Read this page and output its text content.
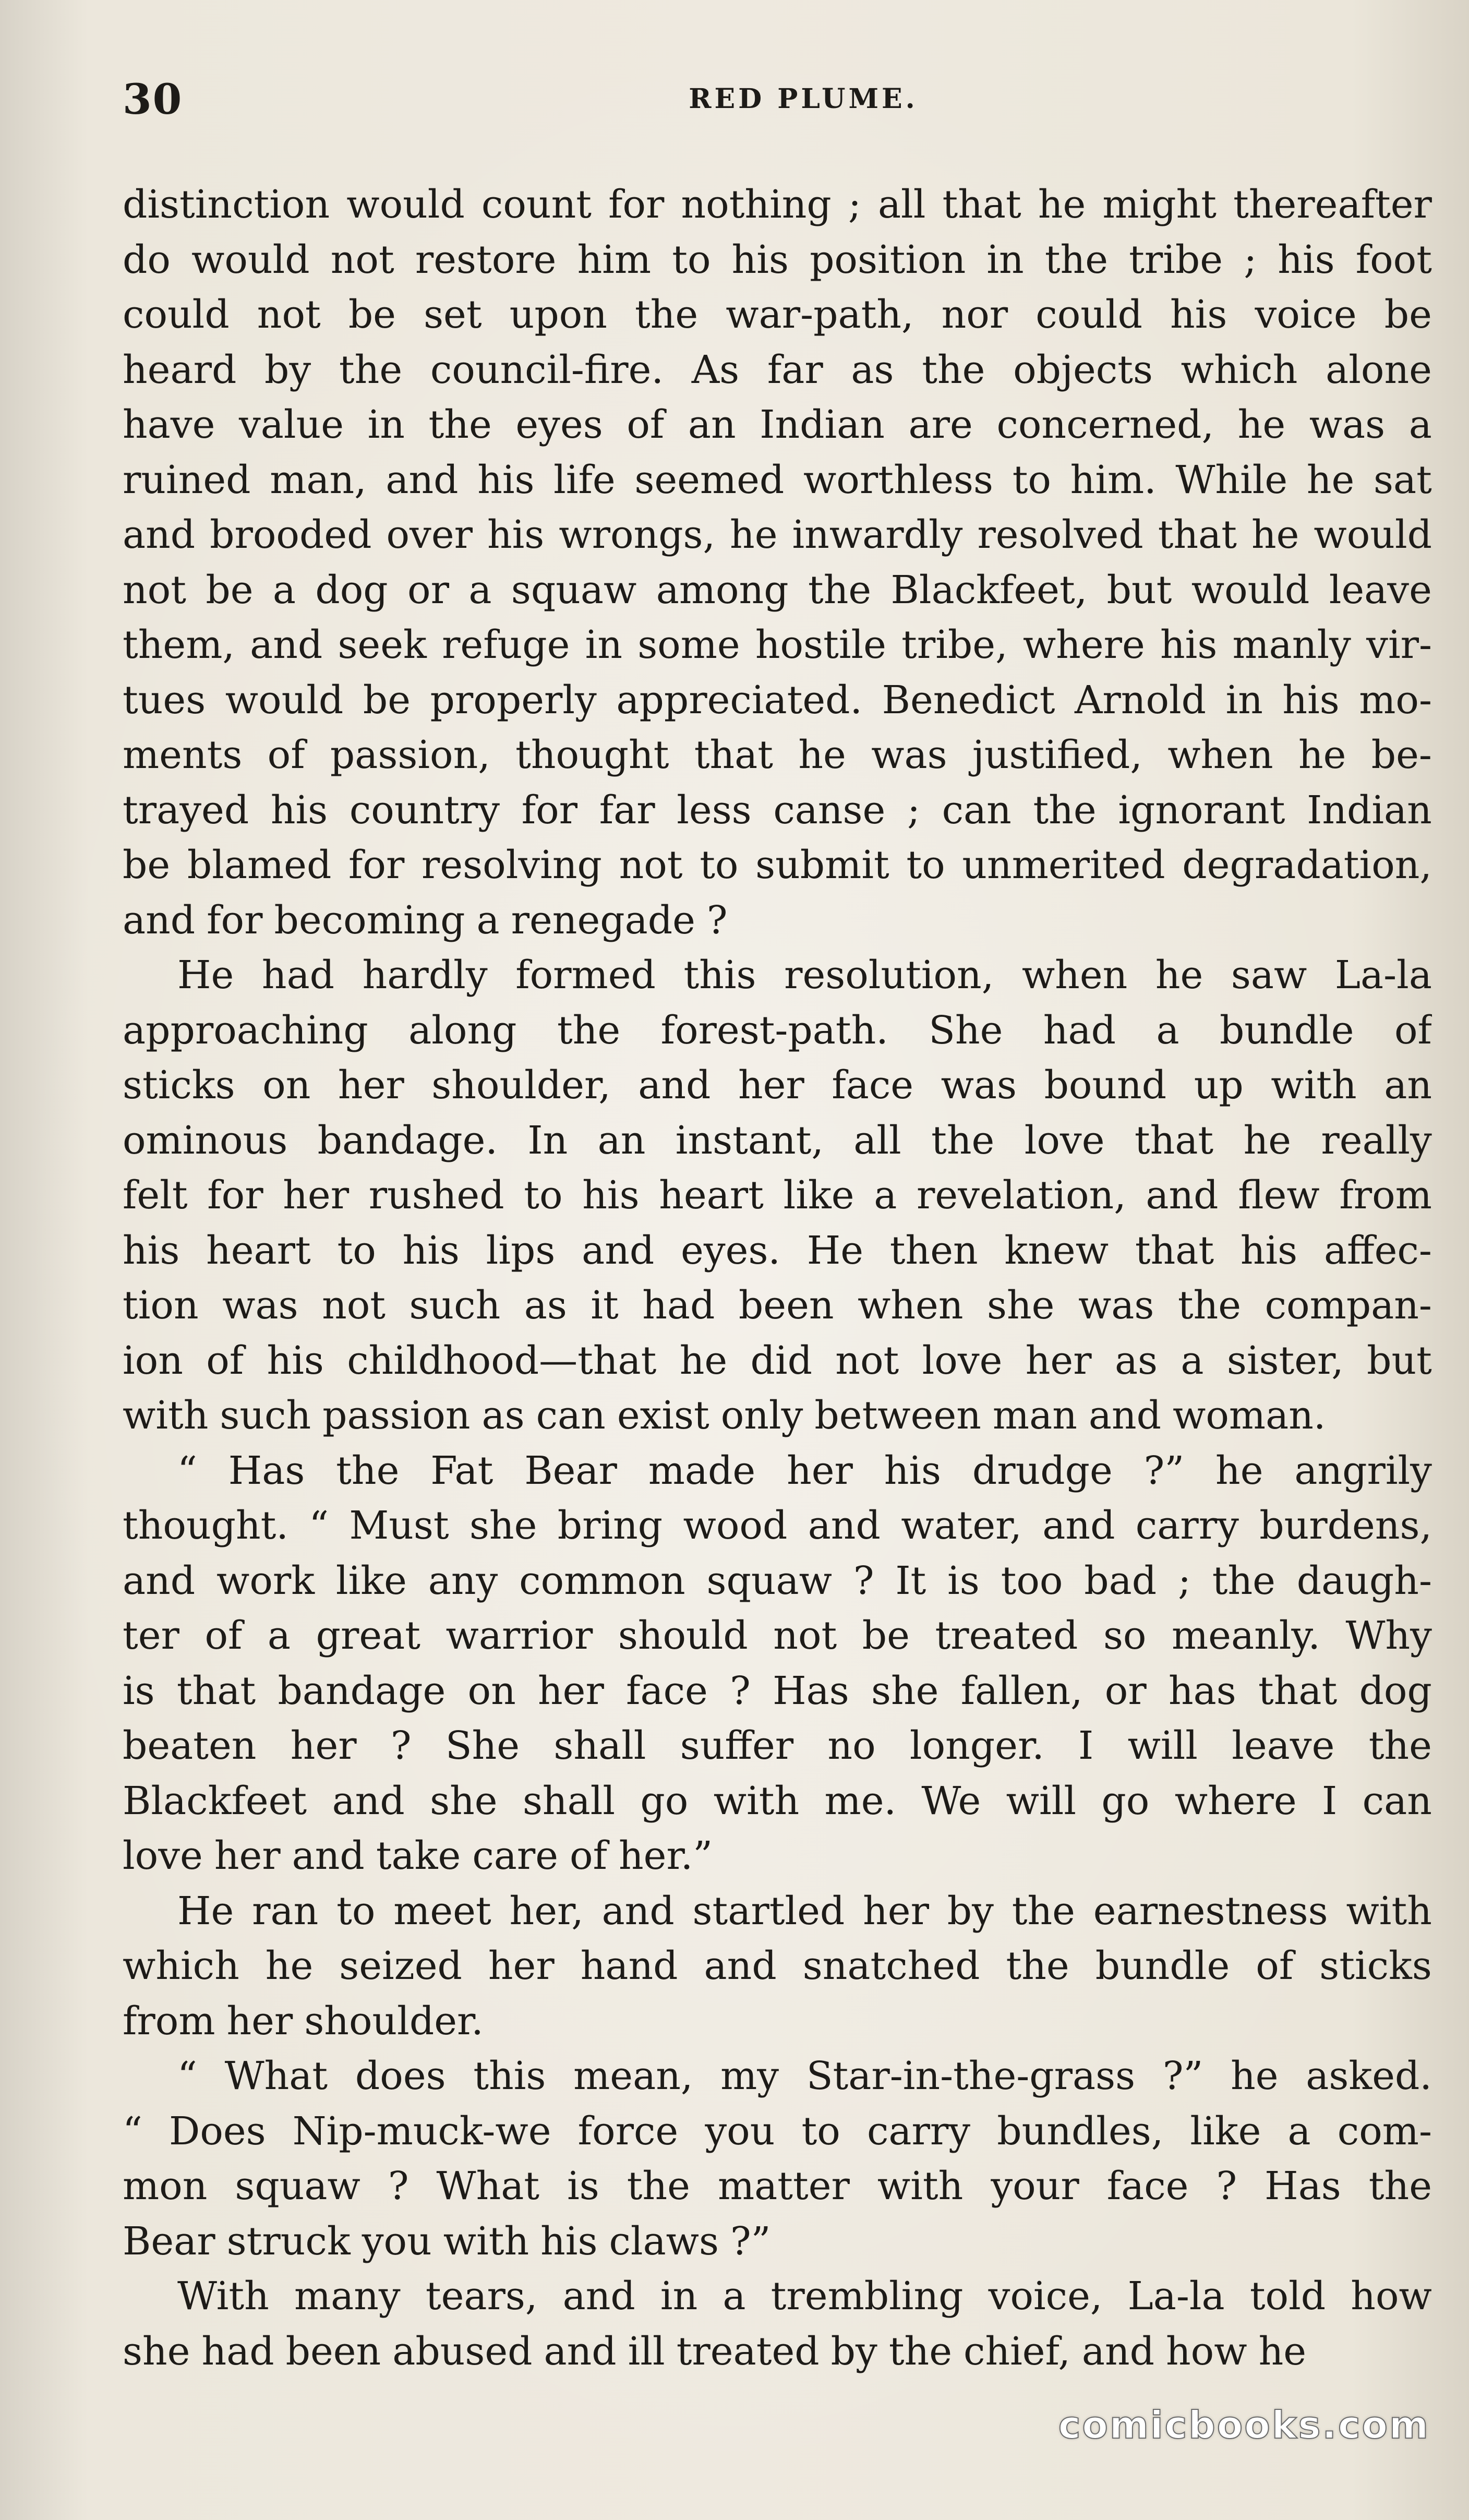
30	RED PLUME.
distinction would count for nothing ; all that he might thereafter
do would not restore him to his position in the tribe ; his foot
could not be set upon the war-path, nor could his voice be
heard by the council-fire. As far as the objects which alone
have value in the eyes of an Indian are concerned, he was a
ruined man, and his life seemed worthless to him. While he sat
and brooded over his wrongs, he inwardly resolved that he would
not be a dog or a squaw among the Blackfeet, but would leave
them, and seek refuge in some hostile tribe, where his manly vir-
tues would be properly appreciated. Benedict Arnold in his mo-
ments of passion, thought that he was justified, when he be-
trayed his country for far less canse ; can the ignorant Indian
be blamed for resolving not to submit to unmerited degradation,
and for becoming a renegade ?
He had hardly formed this resolution, when he saw La-la
approaching along the forest-path. She had a bundle of
sticks on her shoulder, and her face was bound up with an
ominous bandage. In an instant, all the love that he really
felt for her rushed to his heart like a revelation, and flew from
his heart to his lips and eyes. He then knew that his affec-
tion was not such as it had been when she was the compan-
ion of his childhood—that he did not love her as a sister, but
with such passion as can exist only between man and woman.
“ Has the Fat Bear made her his drudge ?” he angrily
thought. “ Must she bring wood and water, and carry burdens,
and work like any common squaw ? It is too bad ; the daugh-
ter of a great warrior should not be treated so meanly. Why
is that bandage on her face ? Has she fallen, or has that dog
beaten her ? She shall suffer no longer. I will leave the
Blackfeet and she shall go with me. We will go where I can
love her and take care of her.”
He ran to meet her, and startled her by the earnestness with
which he seized her hand and snatched the bundle of sticks
from her shoulder.
“ What does this mean, my Star-in-the-grass ?” he asked.
“ Does Nip-muck-we force you to carry bundles, like a com-
mon squaw ? What is the matter with your face ? Has the
Bear struck you with his claws ?”
With many tears, and in a trembling voice, La-la told how
she had been abused and ill treated by the chief, and how he
comicbooks.com
